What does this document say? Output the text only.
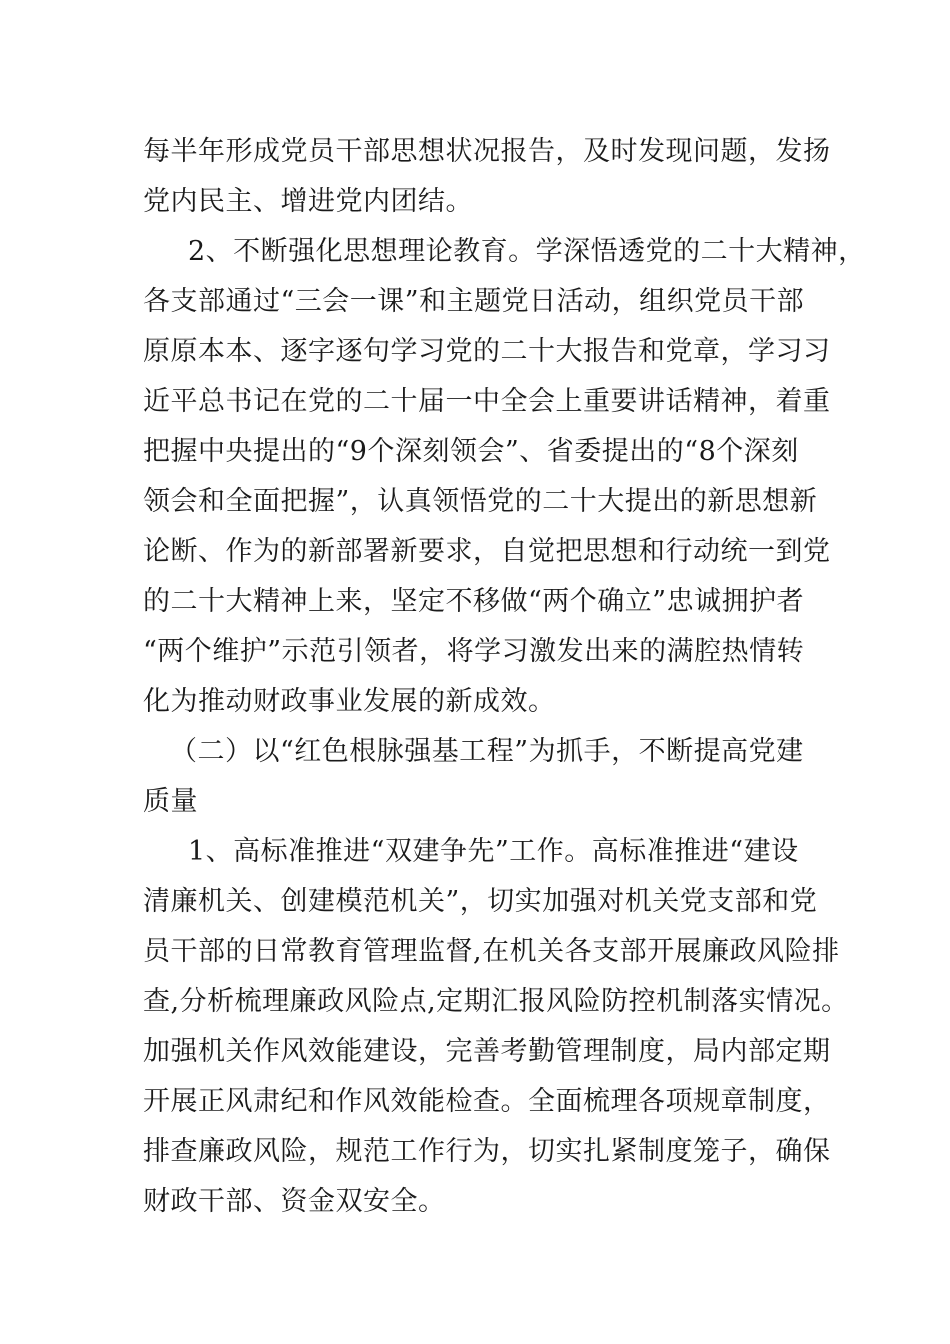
每半年形成党员干部思想状况报告，及时发现问题，发扬
党内民主、增进党内团结。
2、不断强化思想理论教育。学深悟透党的二十大精神，
各支部通过“三会一课”和主题党日活动，组织党员干部
原原本本、逐字逐句学习党的二十大报告和党章，学习习
近平总书记在党的二十届一中全会上重要讲话精神，着重
把握中央提出的“9个深刻领会”、省委提出的“8个深刻
领会和全面把握”，认真领悟党的二十大提出的新思想新
论断、作为的新部署新要求，自觉把思想和行动统一到党
的二十大精神上来，坚定不移做“两个确立”忠诚拥护者
“两个维护”示范引领者，将学习激发出来的满腔热情转
化为推动财政事业发展的新成效。
（二）以“红色根脉强基工程”为抓手，不断提高党建
质量
1、高标准推进“双建争先”工作。高标准推进“建设
清廉机关、创建模范机关”，切实加强对机关党支部和党
员干部的日常教育管理监督,在机关各支部开展廉政风险排
查,分析梳理廉政风险点,定期汇报风险防控机制落实情况。
加强机关作风效能建设，完善考勤管理制度，局内部定期
开展正风肃纪和作风效能检查。全面梳理各项规章制度，
排查廉政风险，规范工作行为，切实扎紧制度笼子，确保
财政干部、资金双安全。
